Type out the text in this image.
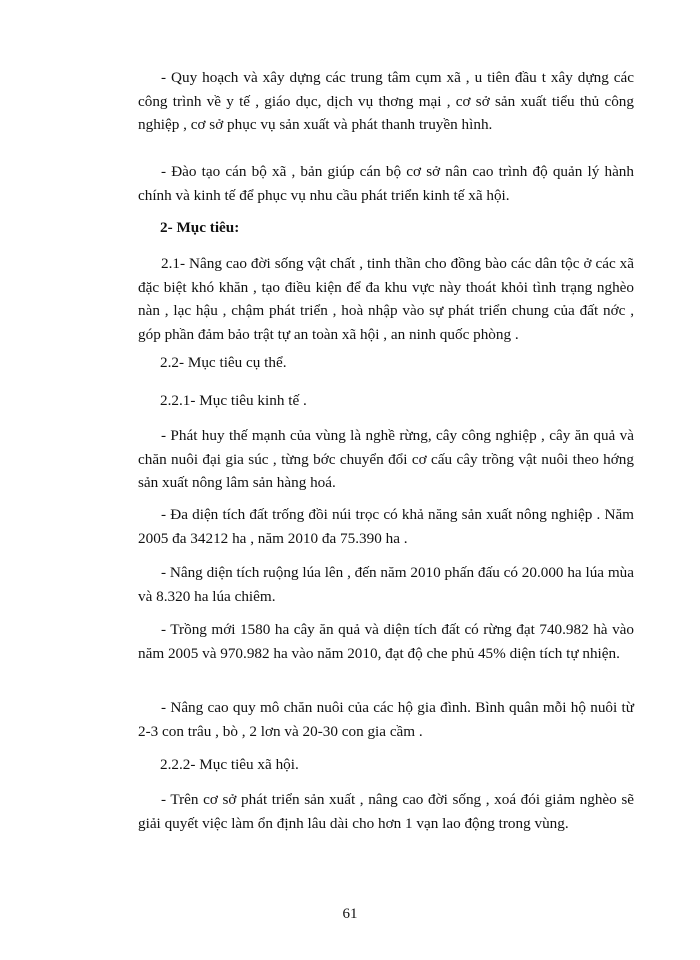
- Quy hoạch và xây dựng các trung tâm cụm xã , u tiên đầu t xây dựng các công trình về y tế , giáo dục, dịch vụ thơng mại , cơ sở sản xuất tiểu thủ công nghiệp , cơ sở phục vụ sản xuất và phát thanh truyền hình.

- Đào tạo cán bộ xã , bản giúp cán bộ cơ sở nân cao trình độ quản lý hành chính và kinh tế để phục vụ nhu cầu phát triển kinh tế xã hội.

2- Mục tiêu:

2.1- Nâng cao đời sống vật chất , tinh thần cho đồng bào các dân tộc ở các xã đặc biệt khó khăn , tạo điều kiện để đa khu vực này thoát khỏi tình trạng nghèo nàn , lạc hậu , chậm phát triển , hoà nhập vào sự phát triển chung của đất nớc , góp phần đảm bảo trật tự an toàn xã hội , an ninh quốc phòng .

2.2- Mục tiêu cụ thể.

2.2.1- Mục tiêu kinh tế .

- Phát huy thế mạnh của vùng là nghề rừng, cây công nghiệp , cây ăn quả và chăn nuôi đại gia súc , từng bớc chuyển đổi cơ cấu cây trồng vật nuôi theo hớng sản xuất nông lâm sản hàng hoá.

- Đa diện tích đất trống đồi núi trọc có khả năng sản xuất nông nghiệp . Năm 2005 đa 34212 ha , năm 2010 đa 75.390 ha .

- Nâng diện tích ruộng lúa lên , đến năm 2010 phấn đấu có 20.000 ha lúa mùa và 8.320 ha lúa chiêm.

- Trồng mới 1580 ha cây ăn quả và diện tích đất có rừng đạt 740.982 hà vào năm 2005 và 970.982 ha vào năm 2010, đạt độ che phủ 45% diện tích tự nhiện.

- Nâng cao quy mô chăn nuôi của các hộ gia đình. Bình quân mỗi hộ nuôi từ 2-3 con trâu , bò , 2 lơn và 20-30 con gia cầm .

2.2.2- Mục tiêu xã hội.

- Trên cơ sở phát triển sản xuất , nâng cao đời sống , xoá đói giảm nghèo sẽ giải quyết việc làm ổn định lâu dài cho hơn 1 vạn lao động trong vùng.

61
